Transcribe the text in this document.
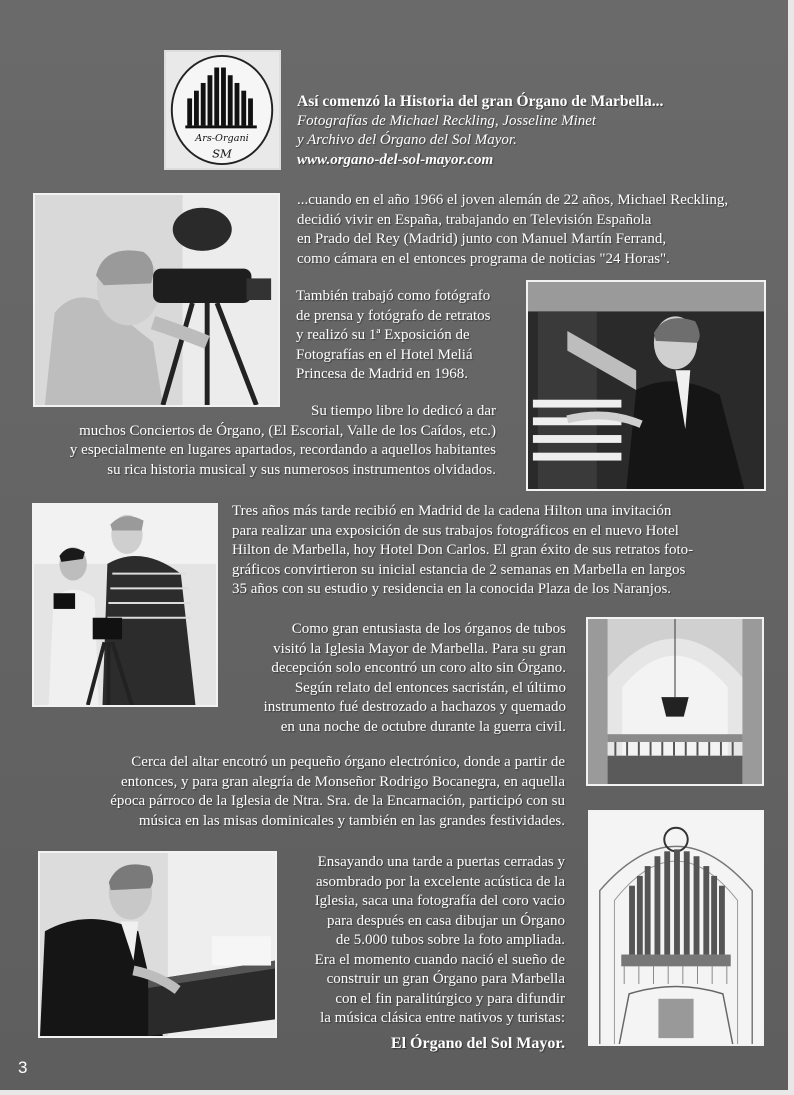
Ars-Organi
SM
Así comenzó la Historia del gran Órgano de Marbella...
Fotografías de Michael Reckling, Josseline Minet
y Archivo del Órgano del Sol Mayor.
www.organo-del-sol-mayor.com
...cuando en el año 1966 el joven alemán de 22 años, Michael Reckling,
decidió vivir en España, trabajando en Televisión Española
en Prado del Rey (Madrid) junto con Manuel Martín Ferrand,
como cámara en el entonces programa de noticias "24 Horas".
También trabajó como fotógrafo
de prensa y fotógrafo de retratos
y realizó su 1ª Exposición de
Fotografías en el Hotel Meliá
Princesa de Madrid en 1968.
Su tiempo libre lo dedicó a dar
muchos Conciertos de Órgano, (El Escorial, Valle de los Caídos, etc.)
y especialmente en lugares apartados, recordando a aquellos habitantes
su rica historia musical y sus numerosos instrumentos olvidados.
Tres años más tarde recibió en Madrid de la cadena Hilton una invitación
para realizar una exposición de sus trabajos fotográficos en el nuevo Hotel
Hilton de Marbella, hoy Hotel Don Carlos. El gran éxito de sus retratos foto-
gráficos convirtieron su inicial estancia de 2 semanas en Marbella en largos
35 años con su estudio y residencia en la conocida Plaza de los Naranjos.
Como gran entusiasta de los órganos de tubos
visitó la Iglesia Mayor de Marbella. Para su gran
decepción solo encontró un coro alto sin Órgano.
Según relato del entonces sacristán, el último
instrumento fué destrozado a hachazos y quemado
en una noche de octubre durante la guerra civil.
Cerca del altar encotró un pequeño órgano electrónico, donde a partir de
entonces, y para gran alegría de Monseñor Rodrigo Bocanegra, en aquella
época párroco de la Iglesia de Ntra. Sra. de la Encarnación, participó con su
música en las misas dominicales y también en las grandes festividades.
Ensayando una tarde a puertas cerradas y
asombrado por la excelente acústica de la
Iglesia, saca una fotografía del coro vacio
para después en casa dibujar un Órgano
de 5.000 tubos sobre la foto ampliada.
Era el momento cuando nació el sueño de
construir un gran Órgano para Marbella
con el fin paralitúrgico y para difundir
la música clásica entre nativos y turistas:
El Órgano del Sol Mayor.
3
